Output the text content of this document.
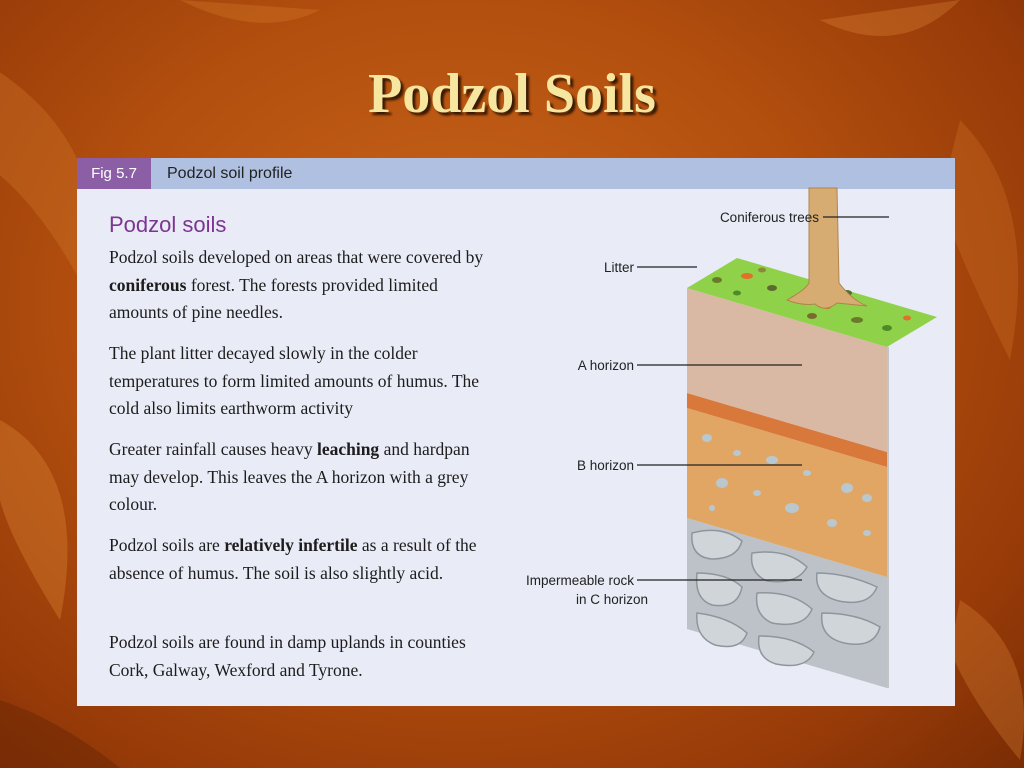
Podzol Soils
Fig 5.7	Podzol soil profile
Podzol soils
Podzol soils developed on areas that were covered by coniferous forest. The forests provided limited amounts of pine needles.
The plant litter decayed slowly in the colder temperatures to form limited amounts of humus. The cold also limits earthworm activity
Greater rainfall causes heavy leaching and hardpan may develop. This leaves the A horizon with a grey colour.
Podzol soils are relatively infertile as a result of the absence of humus. The soil is also slightly acid.
Podzol soils are found in damp uplands in counties Cork, Galway, Wexford and Tyrone.
Coniferous trees
Litter
A horizon
B horizon
Impermeable rock
in C horizon
